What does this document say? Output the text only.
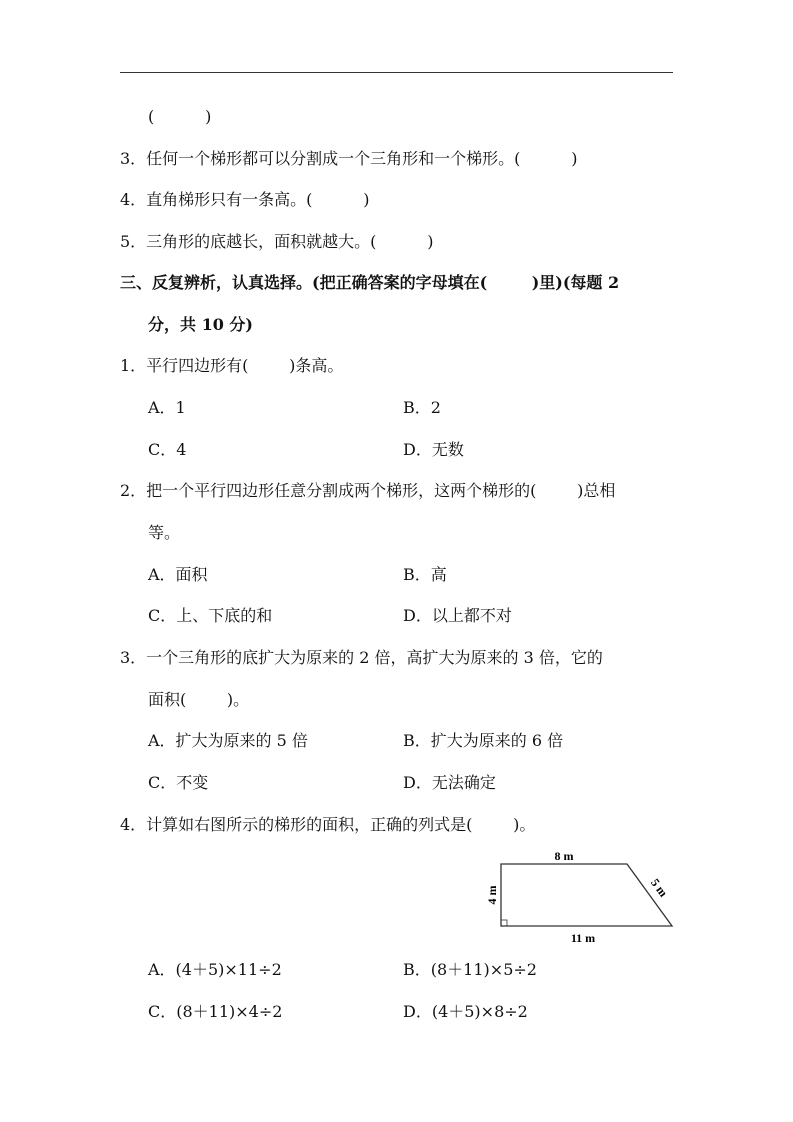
(          )
3．任何一个梯形都可以分割成一个三角形和一个梯形。(          )
4．直角梯形只有一条高。(          )
5．三角形的底越长，面积就越大。(          )
三、反复辨析，认真选择。(把正确答案的字母填在(        )里)(每题 2
分，共 10 分)
1．平行四边形有(        )条高。
A．1	B．2
C．4	D．无数
2．把一个平行四边形任意分割成两个梯形，这两个梯形的(        )总相
等。
A．面积	B．高
C．上、下底的和	D．以上都不对
3．一个三角形的底扩大为原来的 2 倍，高扩大为原来的 3 倍，它的
面积(        )。
A．扩大为原来的 5 倍	B．扩大为原来的 6 倍
C．不变	D．无法确定
4．计算如右图所示的梯形的面积，正确的列式是(        )。
8 m
4 m	5 m
11 m
A．(4＋5)×11÷2	B．(8＋11)×5÷2
C．(8＋11)×4÷2	D．(4＋5)×8÷2
